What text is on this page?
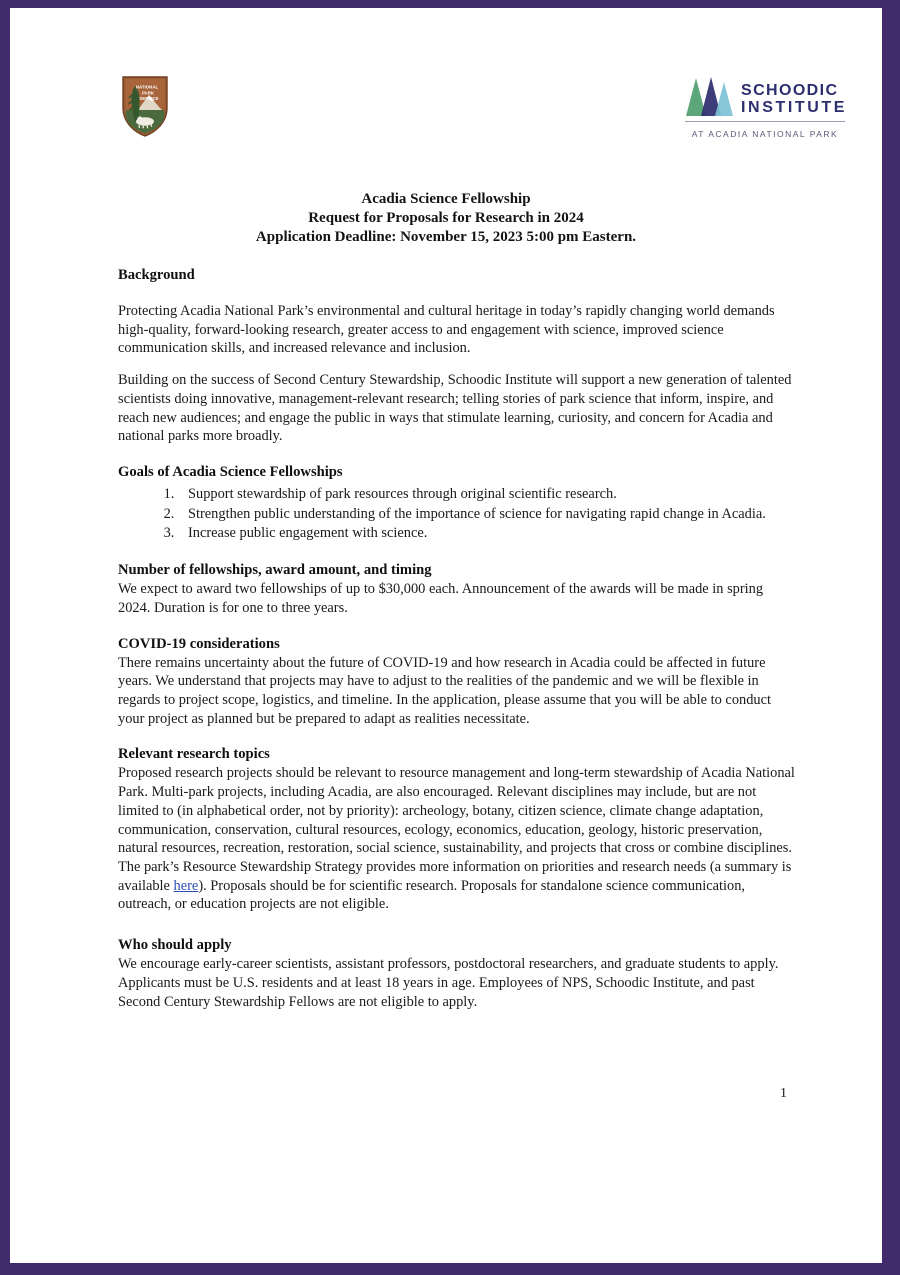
NATIONAL
PARK
SERVICE	SCHOODIC
INSTITUTE
AT ACADIA NATIONAL PARK
Acadia Science Fellowship
Request for Proposals for Research in 2024
Application Deadline: November 15, 2023 5:00 pm Eastern.
Background

Protecting Acadia National Park’s environmental and cultural heritage in today’s rapidly changing world demands high-quality, forward-looking research, greater access to and engagement with science, improved science communication skills, and increased relevance and inclusion.

Building on the success of Second Century Stewardship, Schoodic Institute will support a new generation of talented scientists doing innovative, management-relevant research; telling stories of park science that inform, inspire, and reach new audiences; and engage the public in ways that stimulate learning, curiosity, and concern for Acadia and national parks more broadly.

Goals of Acadia Science Fellowships
1. Support stewardship of park resources through original scientific research.
2. Strengthen public understanding of the importance of science for navigating rapid change in Acadia.
3. Increase public engagement with science.
Number of fellowships, award amount, and timing

We expect to award two fellowships of up to $30,000 each. Announcement of the awards will be made in spring 2024. Duration is for one to three years.

COVID-19 considerations

There remains uncertainty about the future of COVID-19 and how research in Acadia could be affected in future years. We understand that projects may have to adjust to the realities of the pandemic and we will be flexible in regards to project scope, logistics, and timeline. In the application, please assume that you will be able to conduct your project as planned but be prepared to adapt as realities necessitate.

Relevant research topics

Proposed research projects should be relevant to resource management and long-term stewardship of Acadia National Park. Multi-park projects, including Acadia, are also encouraged. Relevant disciplines may include, but are not limited to (in alphabetical order, not by priority): archeology, botany, citizen science, climate change adaptation, communication, conservation, cultural resources, ecology, economics, education, geology, historic preservation, natural resources, recreation, restoration, social science, sustainability, and projects that cross or combine disciplines. The park’s Resource Stewardship Strategy provides more information on priorities and research needs (a summary is available here). Proposals should be for scientific research. Proposals for standalone science communication, outreach, or education projects are not eligible.

Who should apply

We encourage early-career scientists, assistant professors, postdoctoral researchers, and graduate students to apply. Applicants must be U.S. residents and at least 18 years in age. Employees of NPS, Schoodic Institute, and past Second Century Stewardship Fellows are not eligible to apply.

1
